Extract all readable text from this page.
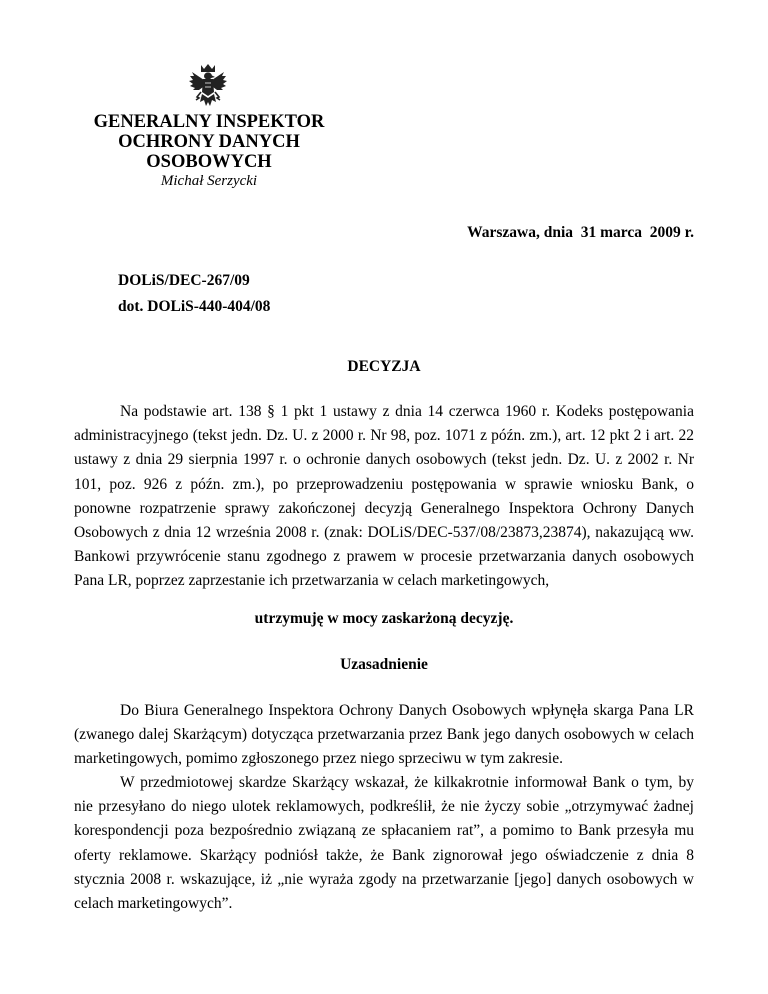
GENERALNY INSPEKTOR
OCHRONY DANYCH
OSOBOWYCH
Michał Serzycki
Warszawa, dnia  31 marca  2009 r.
DOLiS/DEC-267/09
dot. DOLiS-440-404/08
DECYZJA

Na podstawie art. 138 § 1 pkt 1 ustawy z dnia 14 czerwca 1960 r. Kodeks postępowania administracyjnego (tekst jedn. Dz. U. z 2000 r. Nr 98, poz. 1071 z późn. zm.), art. 12 pkt 2 i art. 22 ustawy z dnia 29 sierpnia 1997 r. o ochronie danych osobowych (tekst jedn. Dz. U. z 2002 r. Nr 101, poz. 926 z późn. zm.), po przeprowadzeniu postępowania w sprawie wniosku Bank, o ponowne rozpatrzenie sprawy zakończonej decyzją Generalnego Inspektora Ochrony Danych Osobowych z dnia 12 września 2008 r. (znak: DOLiS/DEC-537/08/23873,23874), nakazującą ww. Bankowi przywrócenie stanu zgodnego z prawem w procesie przetwarzania danych osobowych Pana LR, poprzez zaprzestanie ich przetwarzania w celach marketingowych,

utrzymuję w mocy zaskarżoną decyzję.
Uzasadnienie

Do Biura Generalnego Inspektora Ochrony Danych Osobowych wpłynęła skarga Pana LR (zwanego dalej Skarżącym) dotycząca przetwarzania przez Bank jego danych osobowych w celach marketingowych, pomimo zgłoszonego przez niego sprzeciwu w tym zakresie.

W przedmiotowej skardze Skarżący wskazał, że kilkakrotnie informował Bank o tym, by nie przesyłano do niego ulotek reklamowych, podkreślił, że nie życzy sobie „otrzymywać żadnej korespondencji poza bezpośrednio związaną ze spłacaniem rat”, a pomimo to Bank przesyła mu oferty reklamowe. Skarżący podniósł także, że Bank zignorował jego oświadczenie z dnia 8 stycznia 2008 r. wskazujące, iż „nie wyraża zgody na przetwarzanie [jego] danych osobowych w celach marketingowych”.
